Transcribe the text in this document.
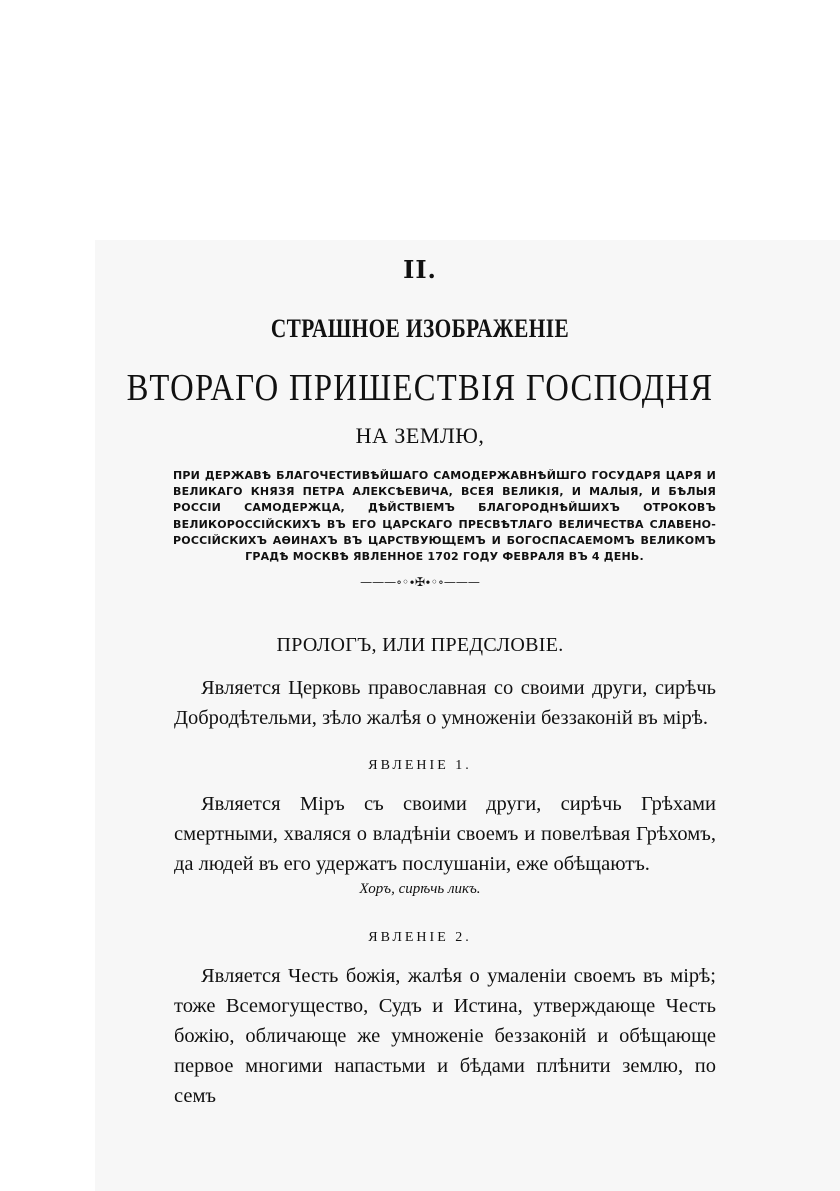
II.
СТРАШНОЕ ИЗОБРАЖЕНІЕ
ВТОРАГО ПРИШЕСТВІЯ ГОСПОДНЯ
НА ЗЕМЛЮ,
ПРИ ДЕРЖАВѢ БЛАГОЧЕСТИВѢЙШАГО САМОДЕРЖАВНѢЙШГО ГОСУДАРЯ ЦАРЯ И ВЕЛИКАГО КНЯЗЯ ПЕТРА АЛЕКСѢЕВИЧА, ВСЕЯ ВЕЛИКІЯ, И МАЛЫЯ, И БѢЛЫЯ РОССІИ САМОДЕРЖЦА, ДѢЙСТВІЕМЪ БЛАГОРОДНѢЙШИХЪ ОТРОКОВЪ ВЕЛИКОРОССІЙСКИХЪ ВЪ ЕГО ЦАРСКАГО ПРЕСВѢТЛАГО ВЕЛИЧЕСТВА СЛАВЕНО-РОССІЙСКИХЪ АѲИНАХЪ ВЪ ЦАРСТВУЮЩЕМЪ И БОГОСПАСАЕМОМЪ ВЕЛИКОМЪ ГРАДѢ МОСКВѢ ЯВЛЕННОЕ 1702 ГОДУ ФЕВРАЛЯ ВЪ 4 ДЕНЬ.
———∘◦∙✠∙◦∘———
ПРОЛОГЪ, ИЛИ ПРЕДСЛОВІЕ.
Является Церковь православная со своими други, сирѣчь Добродѣтельми, зѣло жалѣя о умноженіи беззаконій въ мірѣ.
ЯВЛЕНІЕ 1.
Является Міръ съ своими други, сирѣчь Грѣхами смертными, хваляся о владѣніи своемъ и повелѣвая Грѣхомъ, да людей въ его удержатъ послушаніи, еже обѣщаютъ.
Хоръ, сирѣчь ликъ.
ЯВЛЕНІЕ 2.
Является Честь божія, жалѣя о умаленіи своемъ въ мірѣ; тоже Всемогущество, Судъ и Истина, утверждающе Честь божію, обличающе же умноженіе беззаконій и обѣщающе первое многими напастьми и бѣдами плѣнити землю, по семъ
